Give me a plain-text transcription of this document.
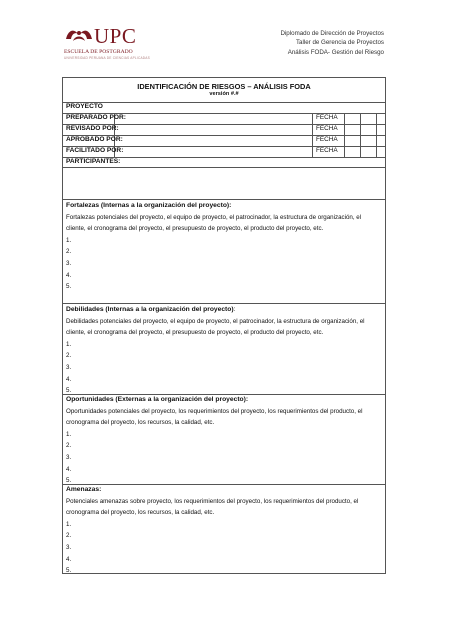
UPC
ESCUELA DE POSTGRADO
UNIVERSIDAD PERUANA DE CIENCIAS APLICADAS
Diplomado de Dirección de Proyectos
Taller de Gerencia de Proyectos
Análisis FODA- Gestión del Riesgo
IDENTIFICACIÓN DE RIESGOS – ANÁLISIS FODA
versión #.#
PROYECTO
PREPARADO POR:
REVISADO POR:
APROBADO POR:
FACILITADO POR:
PARTICIPANTES:
FECHA
FECHA
FECHA
FECHA

Fortalezas (Internas a la organización del proyecto):

Fortalezas potenciales del proyecto, el equipo de proyecto, el patrocinador, la estructura de organización, el cliente, el cronograma del proyecto, el presupuesto de proyecto, el producto del proyecto, etc.

1.

2.

3.

4.

5.

Debilidades (Internas a la organización del proyecto):

Debilidades potenciales del proyecto, el equipo de proyecto, el patrocinador, la estructura de organización, el cliente, el cronograma del proyecto, el presupuesto de proyecto, el producto del proyecto, etc.

1.

2.

3.

4.

5.

Oportunidades (Externas a la organización del proyecto):

Oportunidades potenciales del proyecto, los requerimientos del proyecto, los requerimientos del producto, el cronograma del proyecto, los recursos, la calidad, etc.

1.

2.

3.

4.

5.

Amenazas:

Potenciales amenazas sobre proyecto, los requerimientos del proyecto, los requerimientos del producto, el cronograma del proyecto, los recursos, la calidad, etc.

1.

2.

3.

4.

5.
